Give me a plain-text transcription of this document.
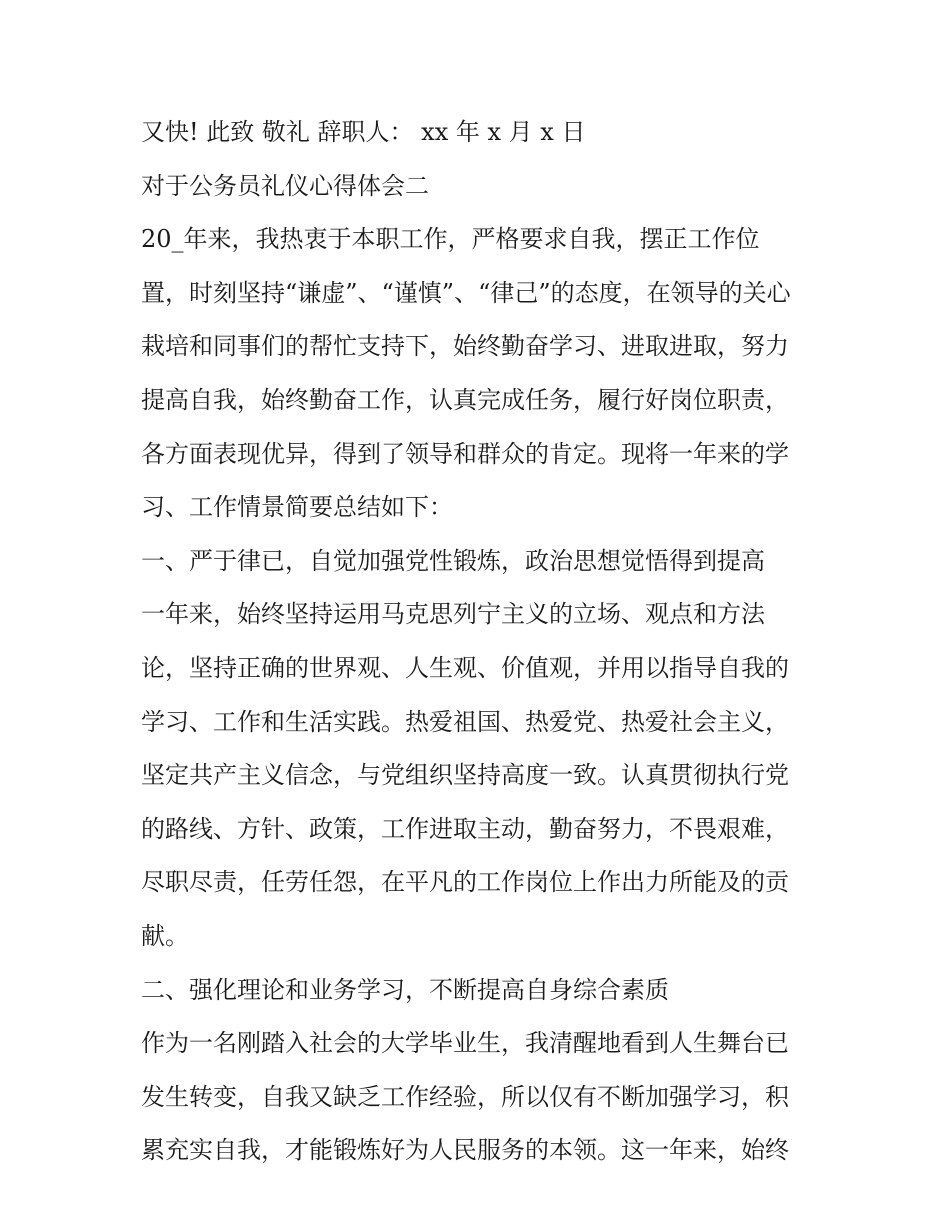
又快! 此致 敬礼 辞职人： xx 年 x 月 x 日
对于公务员礼仪心得体会二
20_年来，我热衷于本职工作，严格要求自我，摆正工作位
置，时刻坚持“谦虚”、“谨慎”、“律己”的态度，在领导的关心
栽培和同事们的帮忙支持下，始终勤奋学习、进取进取，努力
提高自我，始终勤奋工作，认真完成任务，履行好岗位职责，
各方面表现优异，得到了领导和群众的肯定。现将一年来的学
习、工作情景简要总结如下：
一、严于律已，自觉加强党性锻炼，政治思想觉悟得到提高
一年来，始终坚持运用马克思列宁主义的立场、观点和方法
论，坚持正确的世界观、人生观、价值观，并用以指导自我的
学习、工作和生活实践。热爱祖国、热爱党、热爱社会主义，
坚定共产主义信念，与党组织坚持高度一致。认真贯彻执行党
的路线、方针、政策，工作进取主动，勤奋努力，不畏艰难，
尽职尽责，任劳任怨，在平凡的工作岗位上作出力所能及的贡
献。
二、强化理论和业务学习，不断提高自身综合素质
作为一名刚踏入社会的大学毕业生，我清醒地看到人生舞台已
发生转变，自我又缺乏工作经验，所以仅有不断加强学习，积
累充实自我，才能锻炼好为人民服务的本领。这一年来，始终
